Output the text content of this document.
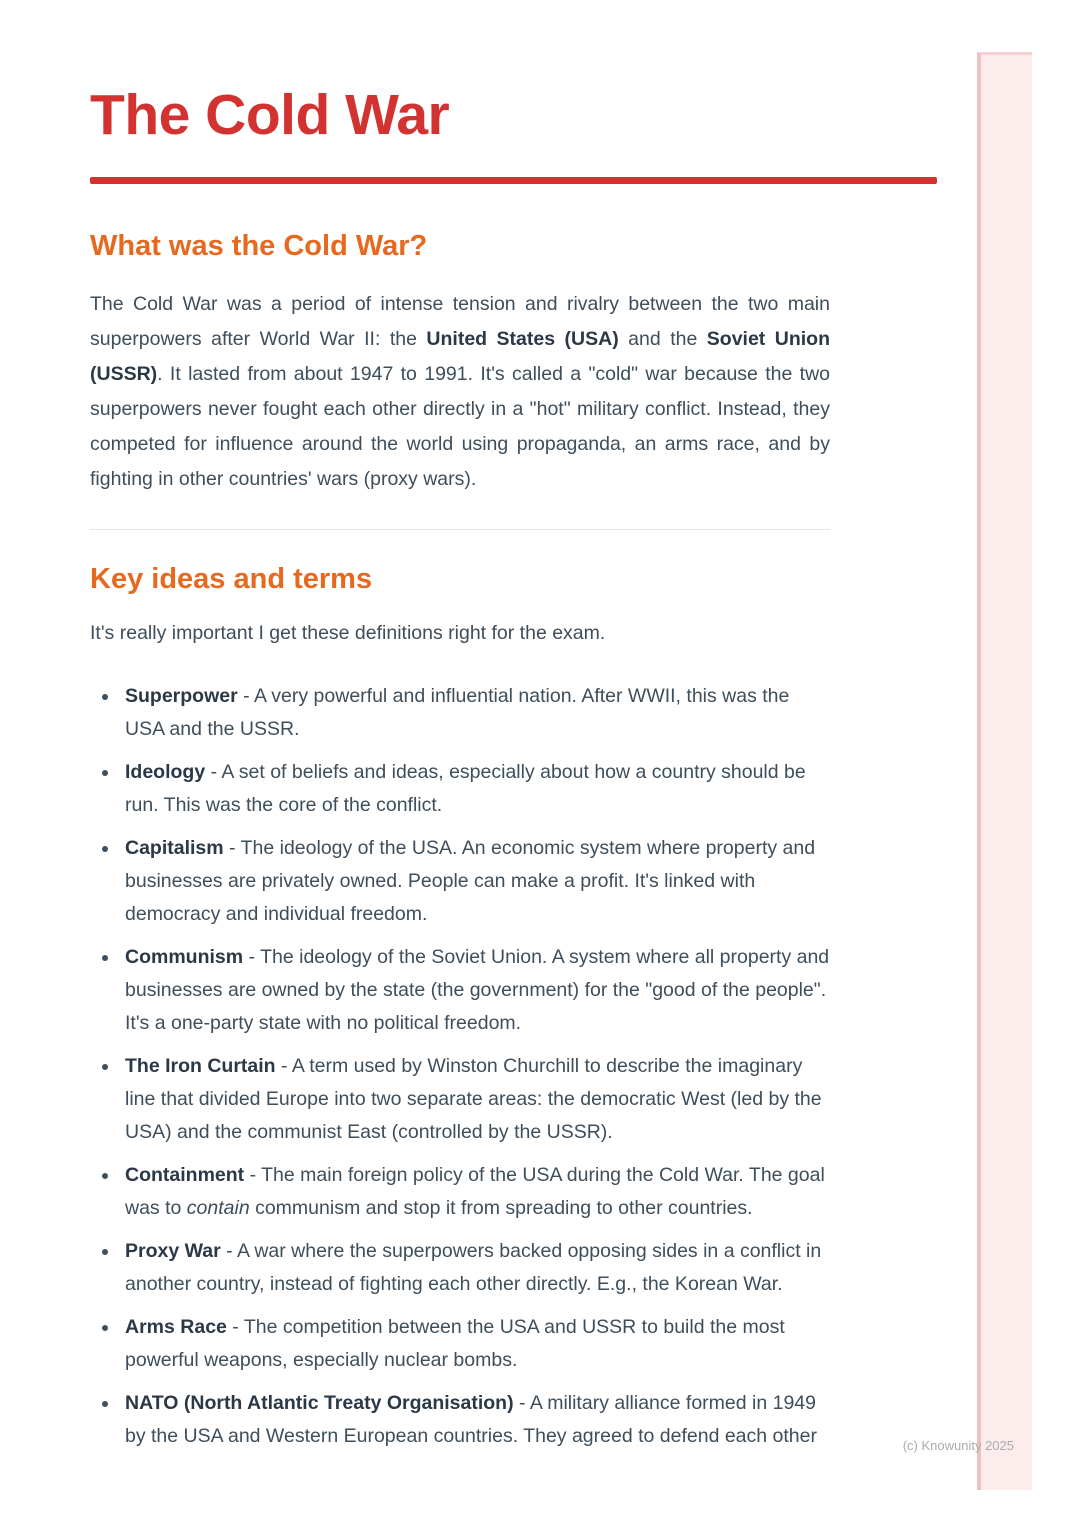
(c) Knowunity 2025
The Cold War
What was the Cold War?

The Cold War was a period of intense tension and rivalry between the two main superpowers after World War II: the United States (USA) and the Soviet Union (USSR). It lasted from about 1947 to 1991. It's called a "cold" war because the two superpowers never fought each other directly in a "hot" military conflict. Instead, they competed for influence around the world using propaganda, an arms race, and by fighting in other countries' wars (proxy wars).

Key ideas and terms

It's really important I get these definitions right for the exam.

Superpower - A very powerful and influential nation. After WWII, this was the USA and the USSR.
Ideology - A set of beliefs and ideas, especially about how a country should be run. This was the core of the conflict.
Capitalism - The ideology of the USA. An economic system where property and businesses are privately owned. People can make a profit. It's linked with democracy and individual freedom.
Communism - The ideology of the Soviet Union. A system where all property and businesses are owned by the state (the government) for the "good of the people". It's a one-party state with no political freedom.
The Iron Curtain - A term used by Winston Churchill to describe the imaginary line that divided Europe into two separate areas: the democratic West (led by the USA) and the communist East (controlled by the USSR).
Containment - The main foreign policy of the USA during the Cold War. The goal was to contain communism and stop it from spreading to other countries.
Proxy War - A war where the superpowers backed opposing sides in a conflict in another country, instead of fighting each other directly. E.g., the Korean War.
Arms Race - The competition between the USA and USSR to build the most powerful weapons, especially nuclear bombs.
NATO (North Atlantic Treaty Organisation) - A military alliance formed in 1949 by the USA and Western European countries. They agreed to defend each other
